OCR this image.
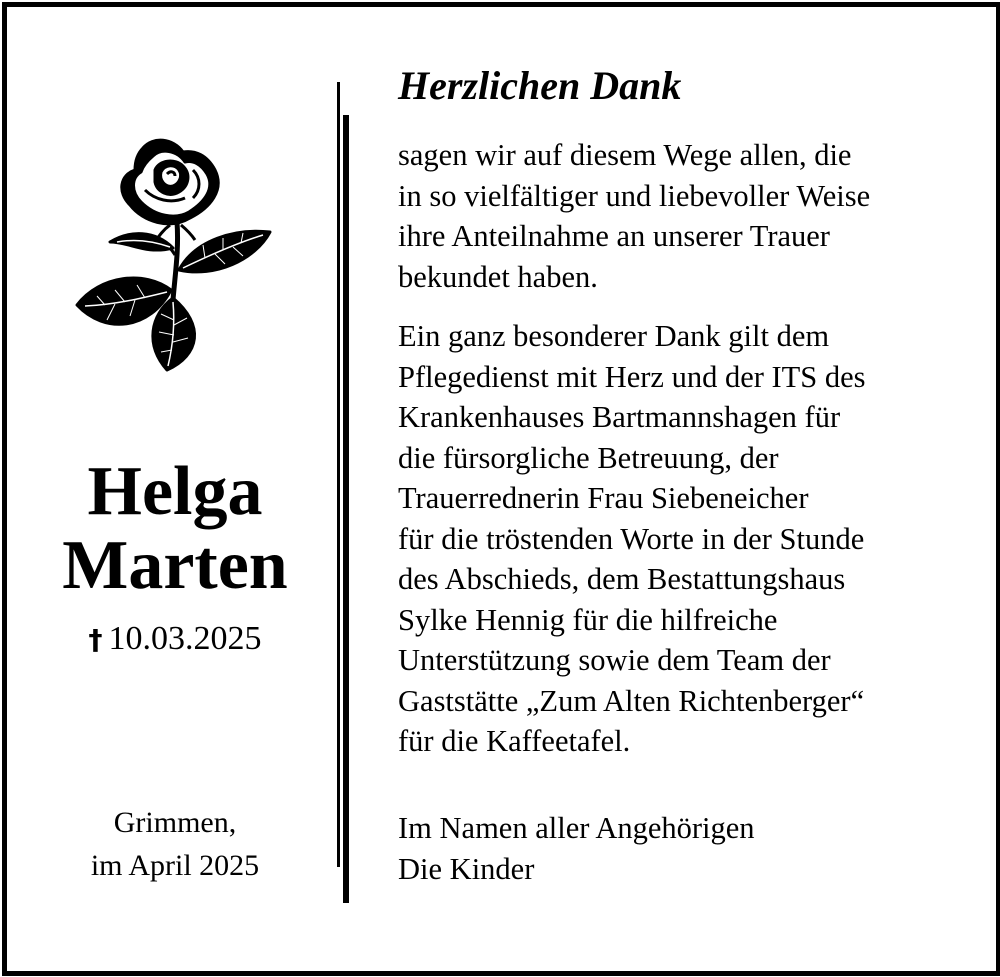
Helga
Marten
† 10.03.2025
Grimmen,
im April 2025
Herzlichen Dank

sagen wir auf diesem Wege allen, die

in so vielfältiger und liebevoller Weise

ihre Anteilnahme an unserer Trauer

bekundet haben.

Ein ganz besonderer Dank gilt dem

Pflegedienst mit Herz und der ITS des

Krankenhauses Bartmannshagen für

die fürsorgliche Betreuung, der

Trauerrednerin Frau Siebeneicher

für die tröstenden Worte in der Stunde

des Abschieds, dem Bestattungshaus

Sylke Hennig für die hilfreiche

Unterstützung sowie dem Team der

Gaststätte „Zum Alten Richtenberger“

für die Kaffeetafel.

Im Namen aller Angehörigen

Die Kinder
